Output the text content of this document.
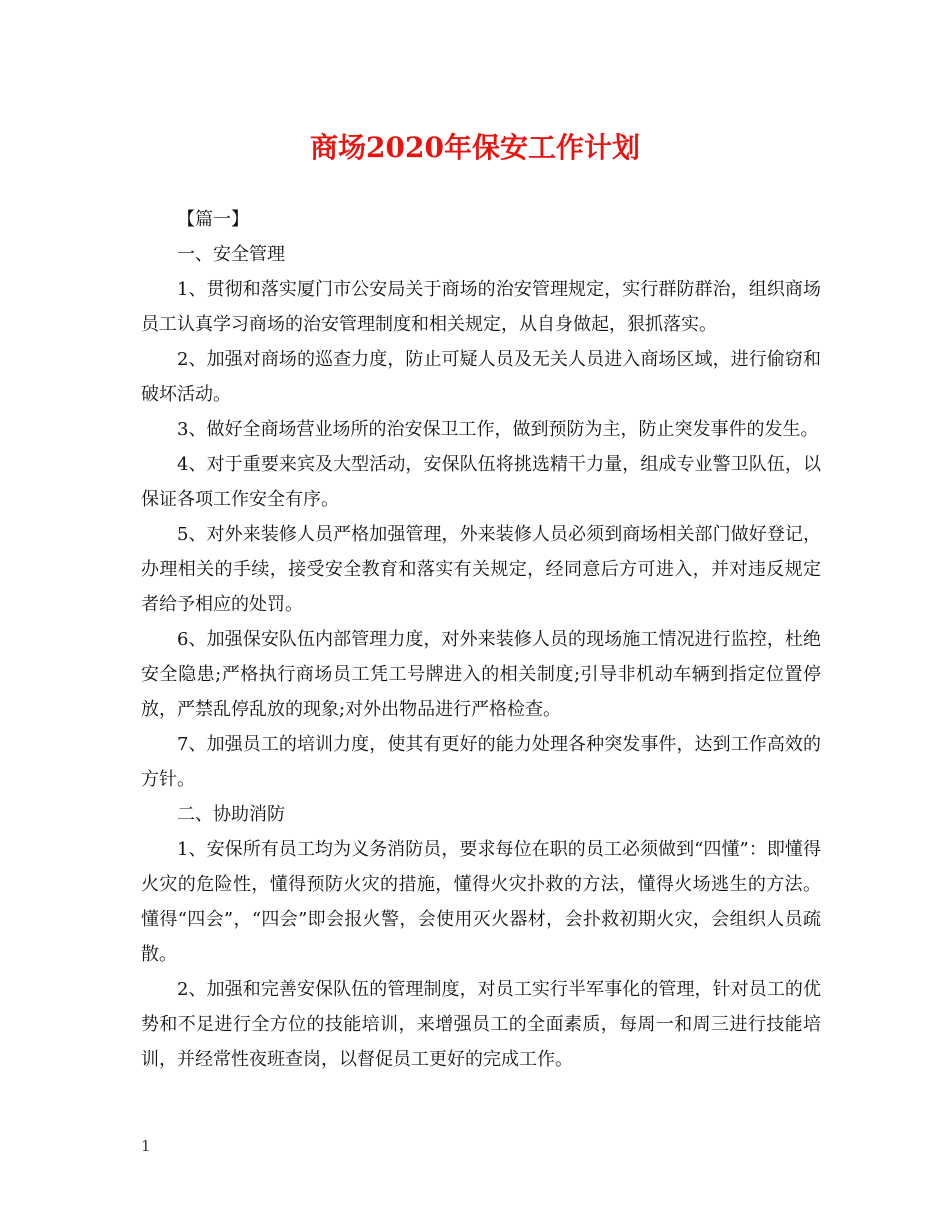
商场2020年保安工作计划

【篇一】

一、安全管理

1、贯彻和落实厦门市公安局关于商场的治安管理规定，实行群防群治，组织商场员工认真学习商场的治安管理制度和相关规定，从自身做起，狠抓落实。

2、加强对商场的巡查力度，防止可疑人员及无关人员进入商场区域，进行偷窃和破坏活动。

3、做好全商场营业场所的治安保卫工作，做到预防为主，防止突发事件的发生。

4、对于重要来宾及大型活动，安保队伍将挑选精干力量，组成专业警卫队伍，以保证各项工作安全有序。

5、对外来装修人员严格加强管理，外来装修人员必须到商场相关部门做好登记，办理相关的手续，接受安全教育和落实有关规定，经同意后方可进入，并对违反规定者给予相应的处罚。

6、加强保安队伍内部管理力度，对外来装修人员的现场施工情况进行监控，杜绝安全隐患;严格执行商场员工凭工号牌进入的相关制度;引导非机动车辆到指定位置停放，严禁乱停乱放的现象;对外出物品进行严格检查。

7、加强员工的培训力度，使其有更好的能力处理各种突发事件，达到工作高效的方针。

二、协助消防

1、安保所有员工均为义务消防员，要求每位在职的员工必须做到“四懂”：即懂得火灾的危险性，懂得预防火灾的措施，懂得火灾扑救的方法，懂得火场逃生的方法。懂得“四会”，“四会”即会报火警，会使用灭火器材，会扑救初期火灾，会组织人员疏散。

2、加强和完善安保队伍的管理制度，对员工实行半军事化的管理，针对员工的优势和不足进行全方位的技能培训，来增强员工的全面素质，每周一和周三进行技能培训，并经常性夜班查岗，以督促员工更好的完成工作。

1
